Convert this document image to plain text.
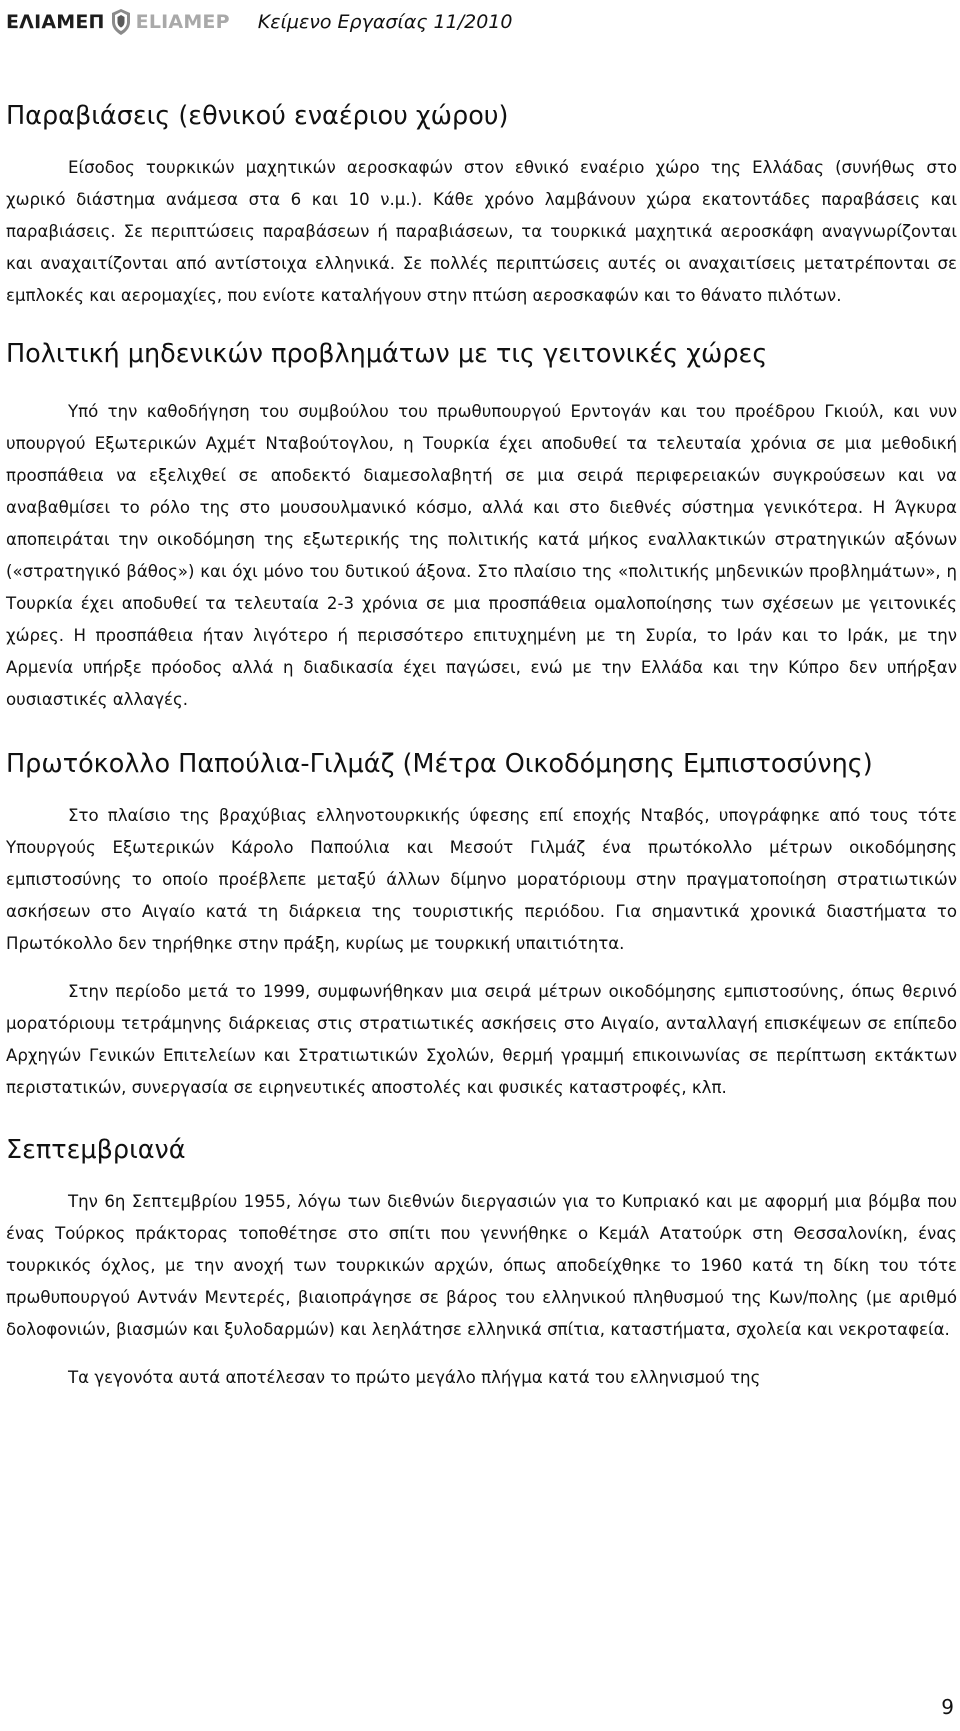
ΕΛΙΑΜΕΠ ELIAMEP Κείμενο Εργασίας 11/2010
Παραβιάσεις (εθνικού εναέριου χώρου)

Είσοδος τουρκικών μαχητικών αεροσκαφών στον εθνικό εναέριο χώρο της Ελλάδας (συνήθως στο χωρικό διάστημα ανάμεσα στα 6 και 10 ν.μ.). Κάθε χρόνο λαμβάνουν χώρα εκατοντάδες παραβάσεις και παραβιάσεις. Σε περιπτώσεις παραβάσεων ή παραβιάσεων, τα τουρκικά μαχητικά αεροσκάφη αναγνωρίζονται και αναχαιτίζονται από αντίστοιχα ελληνικά. Σε πολλές περιπτώσεις αυτές οι αναχαιτίσεις μετατρέπονται σε εμπλοκές και αερομαχίες, που ενίοτε καταλήγουν στην πτώση αεροσκαφών και το θάνατο πιλότων.

Πολιτική μηδενικών προβλημάτων με τις γειτονικές χώρες

Υπό την καθοδήγηση του συμβούλου του πρωθυπουργού Ερντογάν και του προέδρου Γκιούλ, και νυν υπουργού Εξωτερικών Αχμέτ Νταβούτογλου, η Τουρκία έχει αποδυθεί τα τελευταία χρόνια σε μια μεθοδική προσπάθεια να εξελιχθεί σε αποδεκτό διαμεσολαβητή σε μια σειρά περιφερειακών συγκρούσεων και να αναβαθμίσει το ρόλο της στο μουσουλμανικό κόσμο, αλλά και στο διεθνές σύστημα γενικότερα. Η Άγκυρα αποπειράται την οικοδόμηση της εξωτερικής της πολιτικής κατά μήκος εναλλακτικών στρατηγικών αξόνων («στρατηγικό βάθος») και όχι μόνο του δυτικού άξονα. Στο πλαίσιο της «πολιτικής μηδενικών προβλημάτων», η Τουρκία έχει αποδυθεί τα τελευταία 2-3 χρόνια σε μια προσπάθεια ομαλοποίησης των σχέσεων με γειτονικές χώρες. Η προσπάθεια ήταν λιγότερο ή περισσότερο επιτυχημένη με τη Συρία, το Ιράν και το Ιράκ, με την Αρμενία υπήρξε πρόοδος αλλά η διαδικασία έχει παγώσει, ενώ με την Ελλάδα και την Κύπρο δεν υπήρξαν ουσιαστικές αλλαγές.

Πρωτόκολλο Παπούλια-Γιλμάζ (Μέτρα Οικοδόμησης Εμπιστοσύνης)

Στο πλαίσιο της βραχύβιας ελληνοτουρκικής ύφεσης επί εποχής Νταβός, υπογράφηκε από τους τότε Υπουργούς Εξωτερικών Κάρολο Παπούλια και Μεσούτ Γιλμάζ ένα πρωτόκολλο μέτρων οικοδόμησης εμπιστοσύνης το οποίο προέβλεπε μεταξύ άλλων δίμηνο μορατόριουμ στην πραγματοποίηση στρατιωτικών ασκήσεων στο Αιγαίο κατά τη διάρκεια της τουριστικής περιόδου. Για σημαντικά χρονικά διαστήματα το Πρωτόκολλο δεν τηρήθηκε στην πράξη, κυρίως με τουρκική υπαιτιότητα.

Στην περίοδο μετά το 1999, συμφωνήθηκαν μια σειρά μέτρων οικοδόμησης εμπιστοσύνης, όπως θερινό μορατόριουμ τετράμηνης διάρκειας στις στρατιωτικές ασκήσεις στο Αιγαίο, ανταλλαγή επισκέψεων σε επίπεδο Αρχηγών Γενικών Επιτελείων και Στρατιωτικών Σχολών, θερμή γραμμή επικοινωνίας σε περίπτωση εκτάκτων περιστατικών, συνεργασία σε ειρηνευτικές αποστολές και φυσικές καταστροφές, κλπ.

Σεπτεμβριανά

Την 6η Σεπτεμβρίου 1955, λόγω των διεθνών διεργασιών για το Κυπριακό και με αφορμή μια βόμβα που ένας Τούρκος πράκτορας τοποθέτησε στο σπίτι που γεννήθηκε ο Κεμάλ Ατατούρκ στη Θεσσαλονίκη, ένας τουρκικός όχλος, με την ανοχή των τουρκικών αρχών, όπως αποδείχθηκε το 1960 κατά τη δίκη του τότε πρωθυπουργού Αντνάν Μεντερές, βιαιοπράγησε σε βάρος του ελληνικού πληθυσμού της Κων/πολης (με αριθμό δολοφονιών, βιασμών και ξυλοδαρμών) και λεηλάτησε ελληνικά σπίτια, καταστήματα, σχολεία και νεκροταφεία.

Τα γεγονότα αυτά αποτέλεσαν το πρώτο μεγάλο πλήγμα κατά του ελληνισμού της

9
